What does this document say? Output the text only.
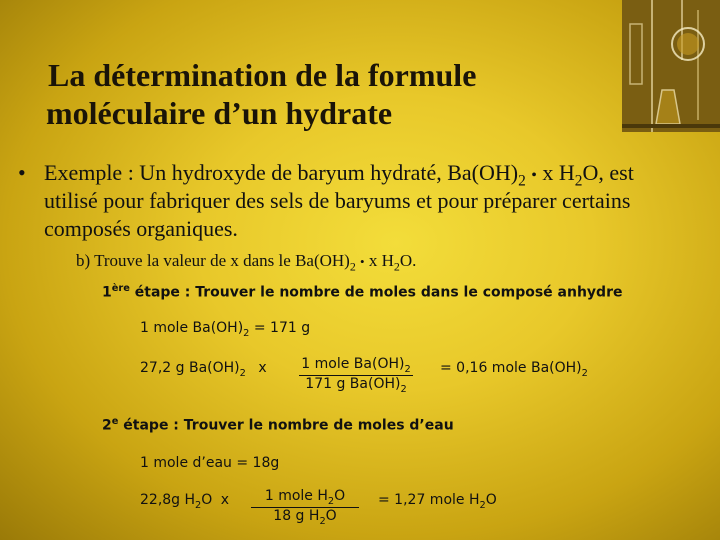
La détermination de la formule
moléculaire d’un hydrate
• Exemple : Un hydroxyde de baryum hydraté, $Ba(OH)_2$ • x $H_2O$, est
utilisé pour fabriquer des sels de baryums et pour préparer certains
composés organiques.
b) Trouve la valeur de x dans le $Ba(OH)_2$ • x $H_2O$.
1ère étape : Trouver le nombre de moles dans le composé anhydre
1 mole $Ba(OH)_2 = 171$ g
27,2 g $Ba(OH)_2$ x	1 mole $Ba(OH)_2$
171 g $Ba(OH)_2$
= 0,16 mole $Ba(OH)_2$
2e étape : Trouver le nombre de moles d’eau
1 mole d’eau = 18g
22,8g $H_2O$ x	1 mole $H_2O$
18 g $H_2O$
= 1,27 mole $H_2O$
